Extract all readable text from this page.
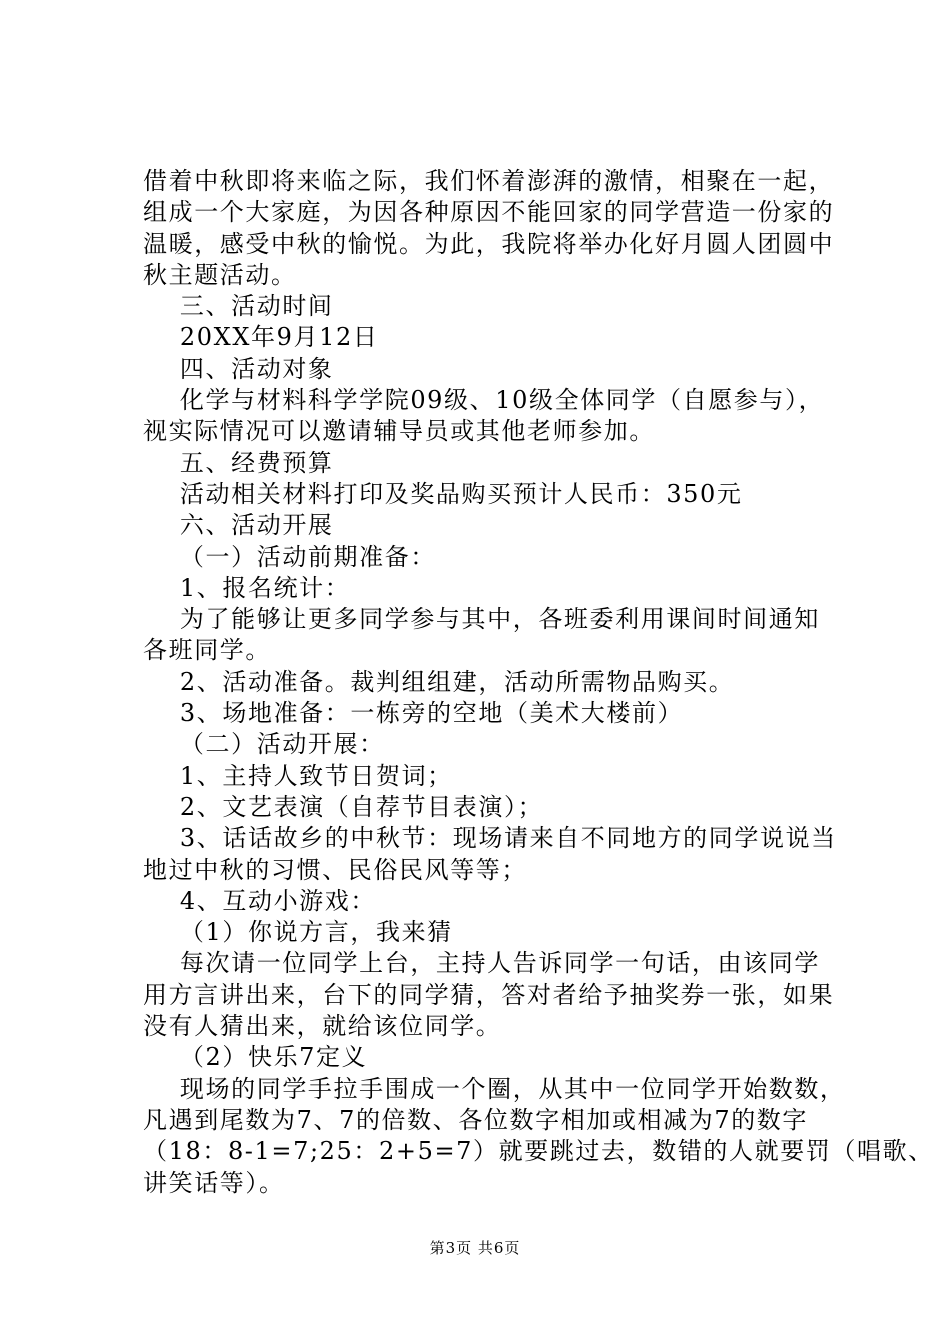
借着中秋即将来临之际，我们怀着澎湃的激情，相聚在一起，
组成一个大家庭，为因各种原因不能回家的同学营造一份家的
温暖，感受中秋的愉悦。为此，我院将举办化好月圆人团圆中
秋主题活动。
三、活动时间
20XX年9月12日
四、活动对象
化学与材料科学学院09级、10级全体同学（自愿参与），
视实际情况可以邀请辅导员或其他老师参加。
五、经费预算
活动相关材料打印及奖品购买预计人民币：350元
六、活动开展
（一）活动前期准备：
1、报名统计：
为了能够让更多同学参与其中，各班委利用课间时间通知
各班同学。
2、活动准备。裁判组组建，活动所需物品购买。
3、场地准备：一栋旁的空地（美术大楼前）
（二）活动开展：
1、主持人致节日贺词；
2、文艺表演（自荐节目表演）；
3、话话故乡的中秋节：现场请来自不同地方的同学说说当
地过中秋的习惯、民俗民风等等；
4、互动小游戏：
（1）你说方言，我来猜
每次请一位同学上台，主持人告诉同学一句话，由该同学
用方言讲出来，台下的同学猜，答对者给予抽奖券一张，如果
没有人猜出来，就给该位同学。
（2）快乐7定义
现场的同学手拉手围成一个圈，从其中一位同学开始数数，
凡遇到尾数为7、7的倍数、各位数字相加或相减为7的数字
（18：8-1=7;25：2+5=7）就要跳过去，数错的人就要罚（唱歌、
讲笑话等）。
第3页 共6页
